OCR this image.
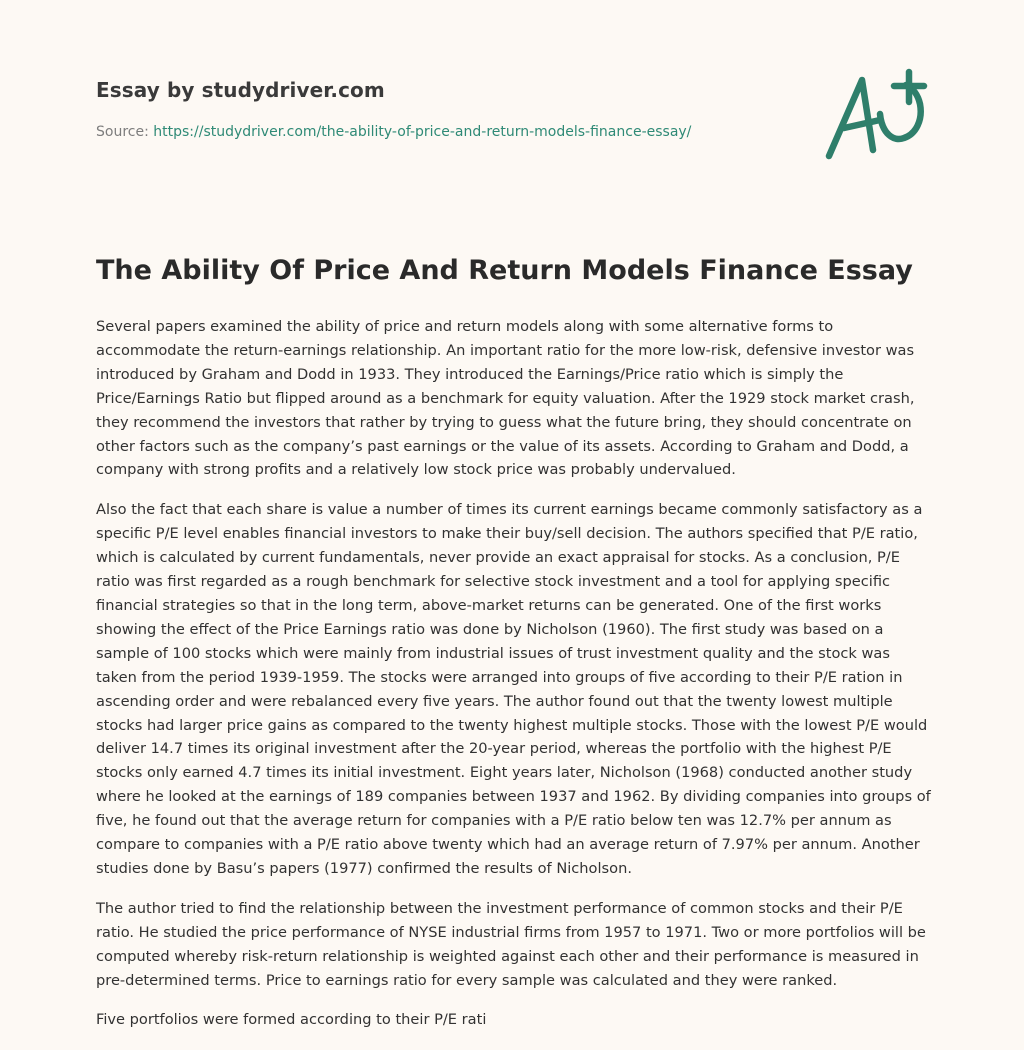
Essay by studydriver.com
Source: https://studydriver.com/the-ability-of-price-and-return-models-finance-essay/
The Ability Of Price And Return Models Finance Essay

Several papers examined the ability of price and return models along with some alternative forms to accommodate the return-earnings relationship. An important ratio for the more low-risk, defensive investor was introduced by Graham and Dodd in 1933. They introduced the Earnings/Price ratio which is simply the Price/Earnings Ratio but flipped around as a benchmark for equity valuation. After the 1929 stock market crash, they recommend the investors that rather by trying to guess what the future bring, they should concentrate on other factors such as the company’s past earnings or the value of its assets. According to Graham and Dodd, a company with strong profits and a relatively low stock price was probably undervalued.

Also the fact that each share is value a number of times its current earnings became commonly satisfactory as a specific P/E level enables financial investors to make their buy/sell decision. The authors specified that P/E ratio, which is calculated by current fundamentals, never provide an exact appraisal for stocks. As a conclusion, P/E ratio was first regarded as a rough benchmark for selective stock investment and a tool for applying specific financial strategies so that in the long term, above-market returns can be generated. One of the first works showing the effect of the Price Earnings ratio was done by Nicholson (1960). The first study was based on a sample of 100 stocks which were mainly from industrial issues of trust investment quality and the stock was taken from the period 1939-1959. The stocks were arranged into groups of five according to their P/E ration in ascending order and were rebalanced every five years. The author found out that the twenty lowest multiple stocks had larger price gains as compared to the twenty highest multiple stocks. Those with the lowest P/E would deliver 14.7 times its original investment after the 20-year period, whereas the portfolio with the highest P/E stocks only earned 4.7 times its initial investment. Eight years later, Nicholson (1968) conducted another study where he looked at the earnings of 189 companies between 1937 and 1962. By dividing companies into groups of five, he found out that the average return for companies with a P/E ratio below ten was 12.7% per annum as compare to companies with a P/E ratio above twenty which had an average return of 7.97% per annum. Another studies done by Basu’s papers (1977) confirmed the results of Nicholson.

The author tried to find the relationship between the investment performance of common stocks and their P/E ratio. He studied the price performance of NYSE industrial firms from 1957 to 1971. Two or more portfolios will be computed whereby risk-return relationship is weighted against each other and their performance is measured in pre-determined terms. Price to earnings ratio for every sample was calculated and they were ranked.

Five portfolios were formed according to their P/E rati
